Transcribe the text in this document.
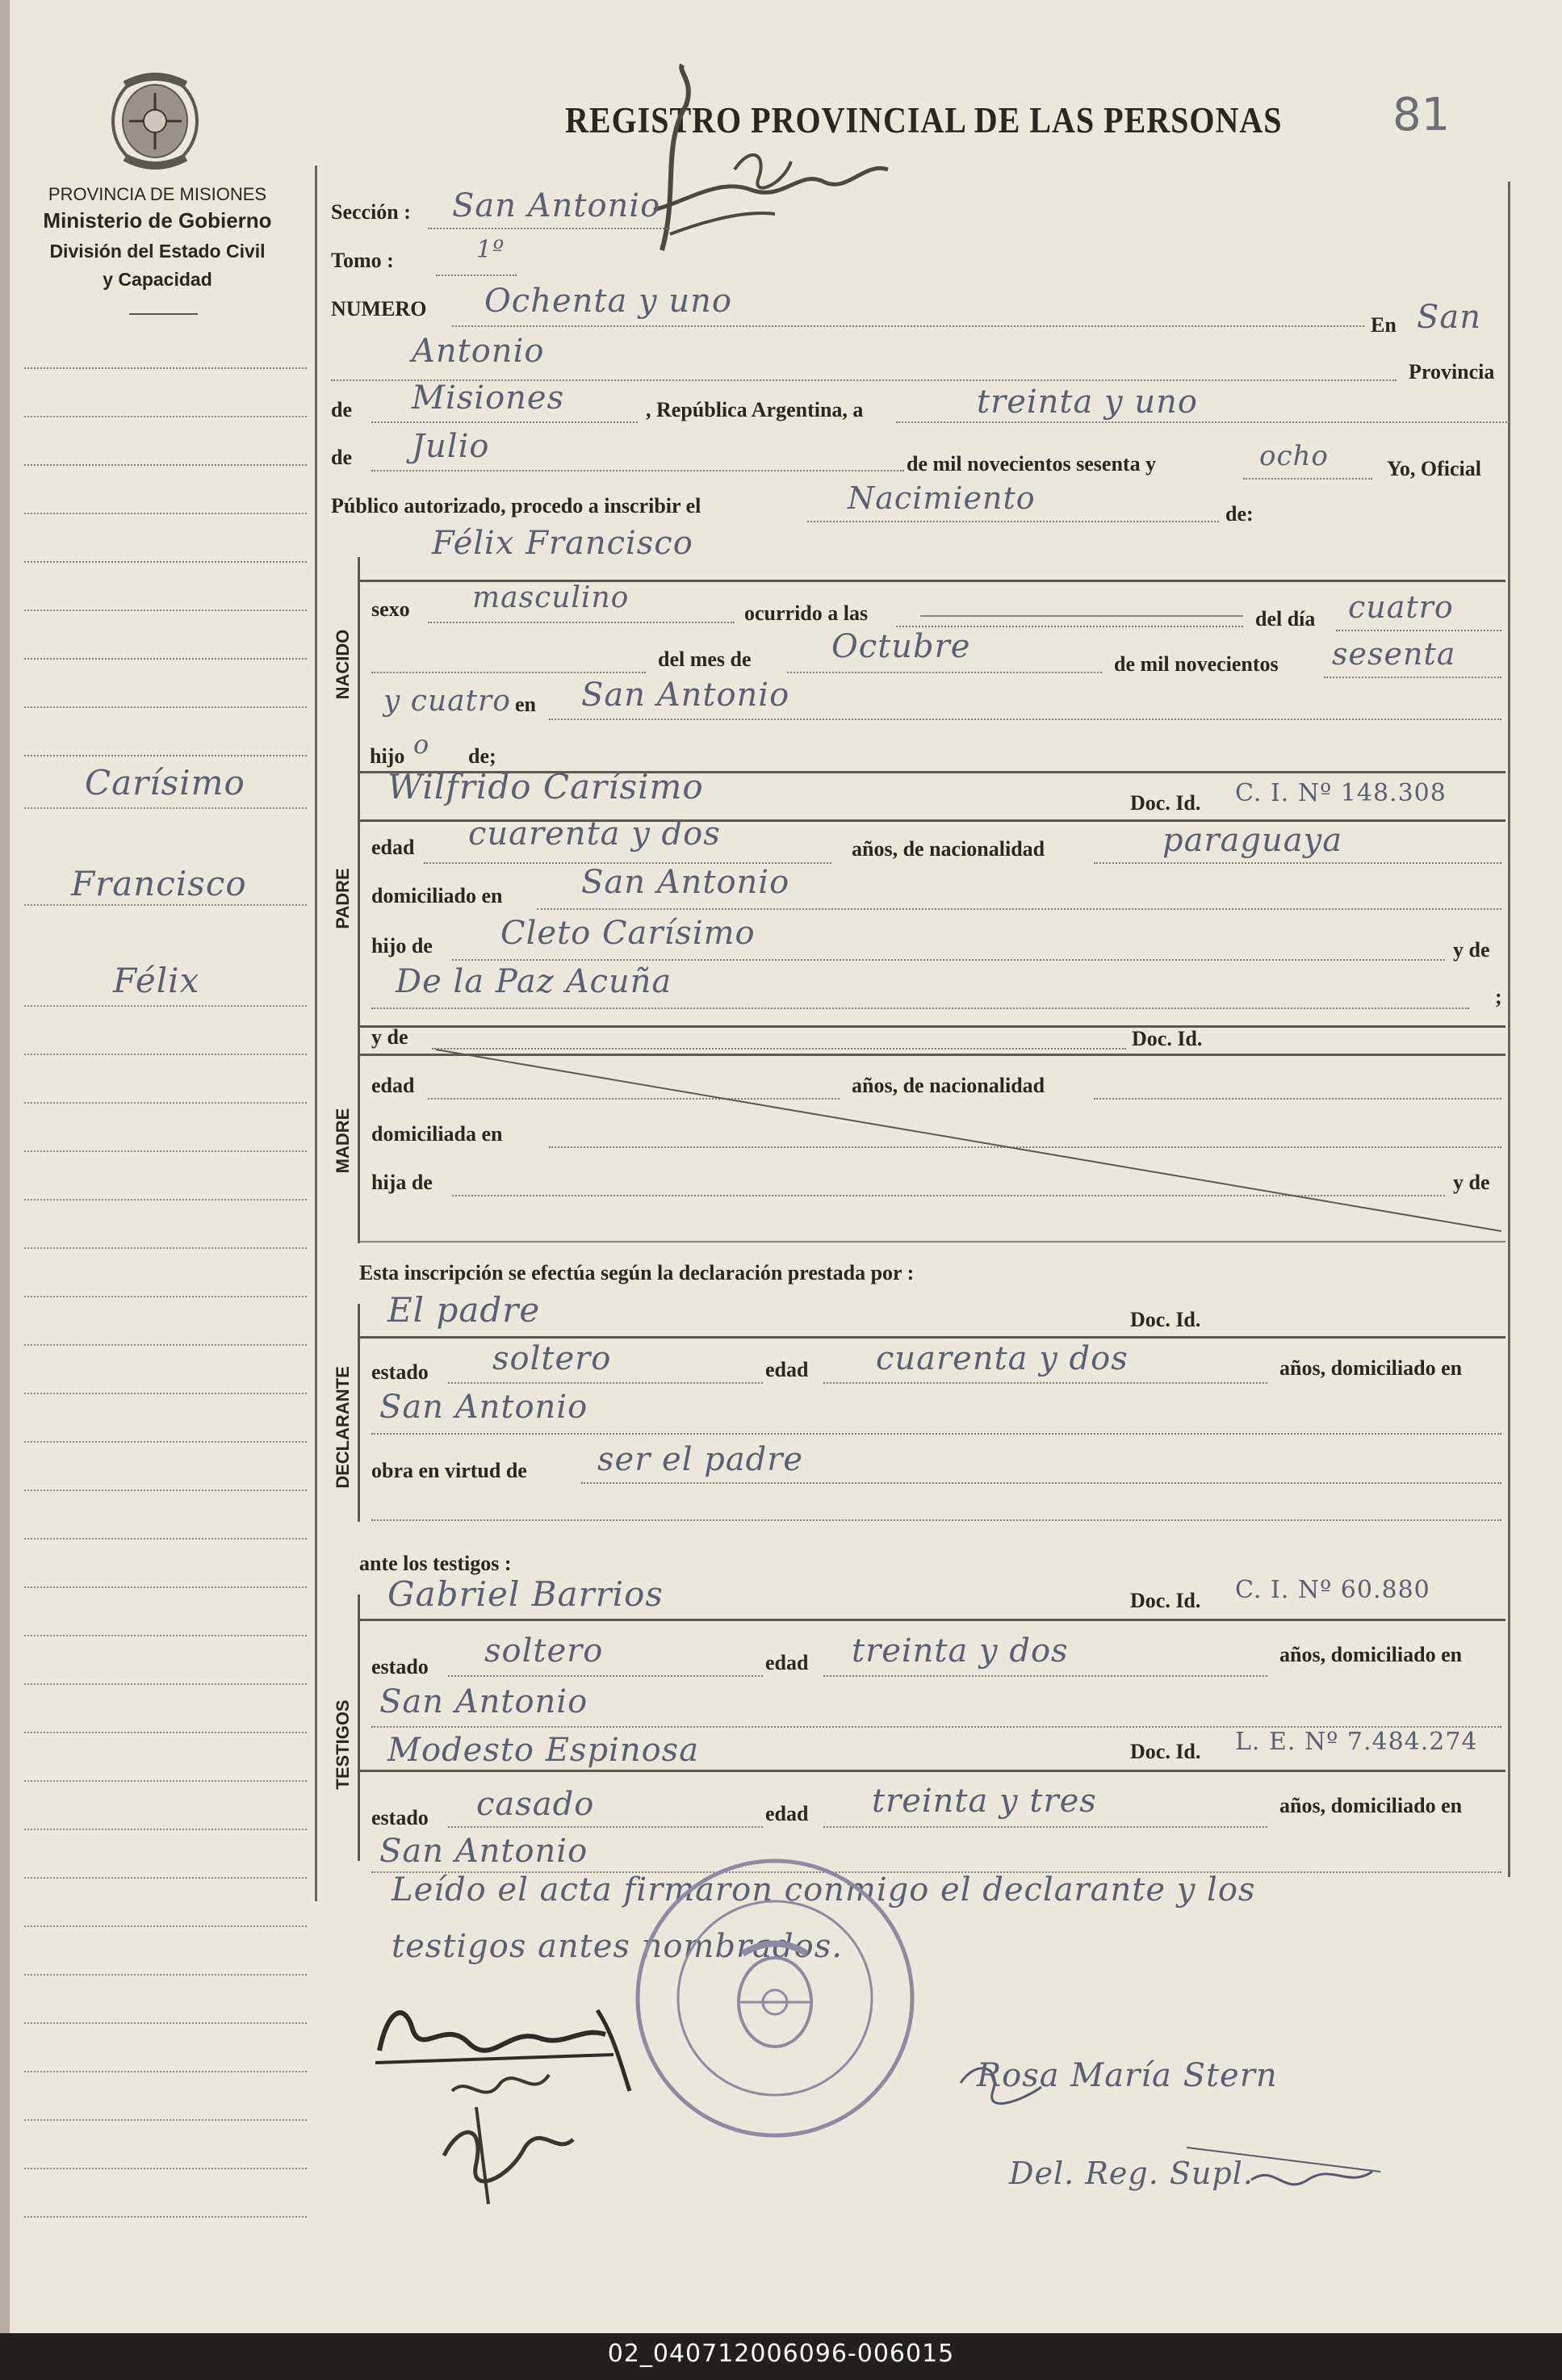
PROVINCIA DE MISIONES
Ministerio de Gobierno
División del Estado Civil
y Capacidad
Carísimo
Francisco
Félix
REGISTRO PROVINCIAL DE LAS PERSONAS 81
Sección : San Antonio
Tomo :	1º
NUMERO Ochenta y uno
En San
Antonio
Provincia
de Misiones	, República Argentina, a	treinta y uno
de Julio	de mil novecientos sesenta y	ocho	Yo, Oficial
Público autorizado, procedo a inscribir el	Nacimiento	de:
Félix Francisco
NACIDO
sexo masculino	ocurrido a las	del día cuatro
del mes de Octubre	de mil novecientos sesenta
y cuatro en San Antonio
hijo o de;
PADRE
Wilfrido Carísimo	Doc. Id. C. I. Nº 148.308
edad cuarenta y dos	años, de nacionalidad	paraguaya
domiciliado en San Antonio
hijo de Cleto Carísimo	y de
De la Paz Acuña	;
MADRE
y de	Doc. Id.
edad	años, de nacionalidad
domiciliada en
hija de	y de
Esta inscripción se efectúa según la declaración prestada por :
DECLARANTE
El padre	Doc. Id.
estado soltero	edad cuarenta y dos	años, domiciliado en
San Antonio
obra en virtud de ser el padre
ante los testigos :
TESTIGOS
Gabriel Barrios	Doc. Id. C. I. Nº 60.880
estado soltero	edad treinta y dos	años, domiciliado en
San Antonio
Modesto Espinosa	Doc. Id. L. E. Nº 7.484.274
estado casado	edad treinta y tres	años, domiciliado en
San Antonio
Leído el acta firmaron conmigo el declarante y los
testigos antes nombrados.
Rosa María Stern
Del. Reg. Supl.
02_040712006096-006015
